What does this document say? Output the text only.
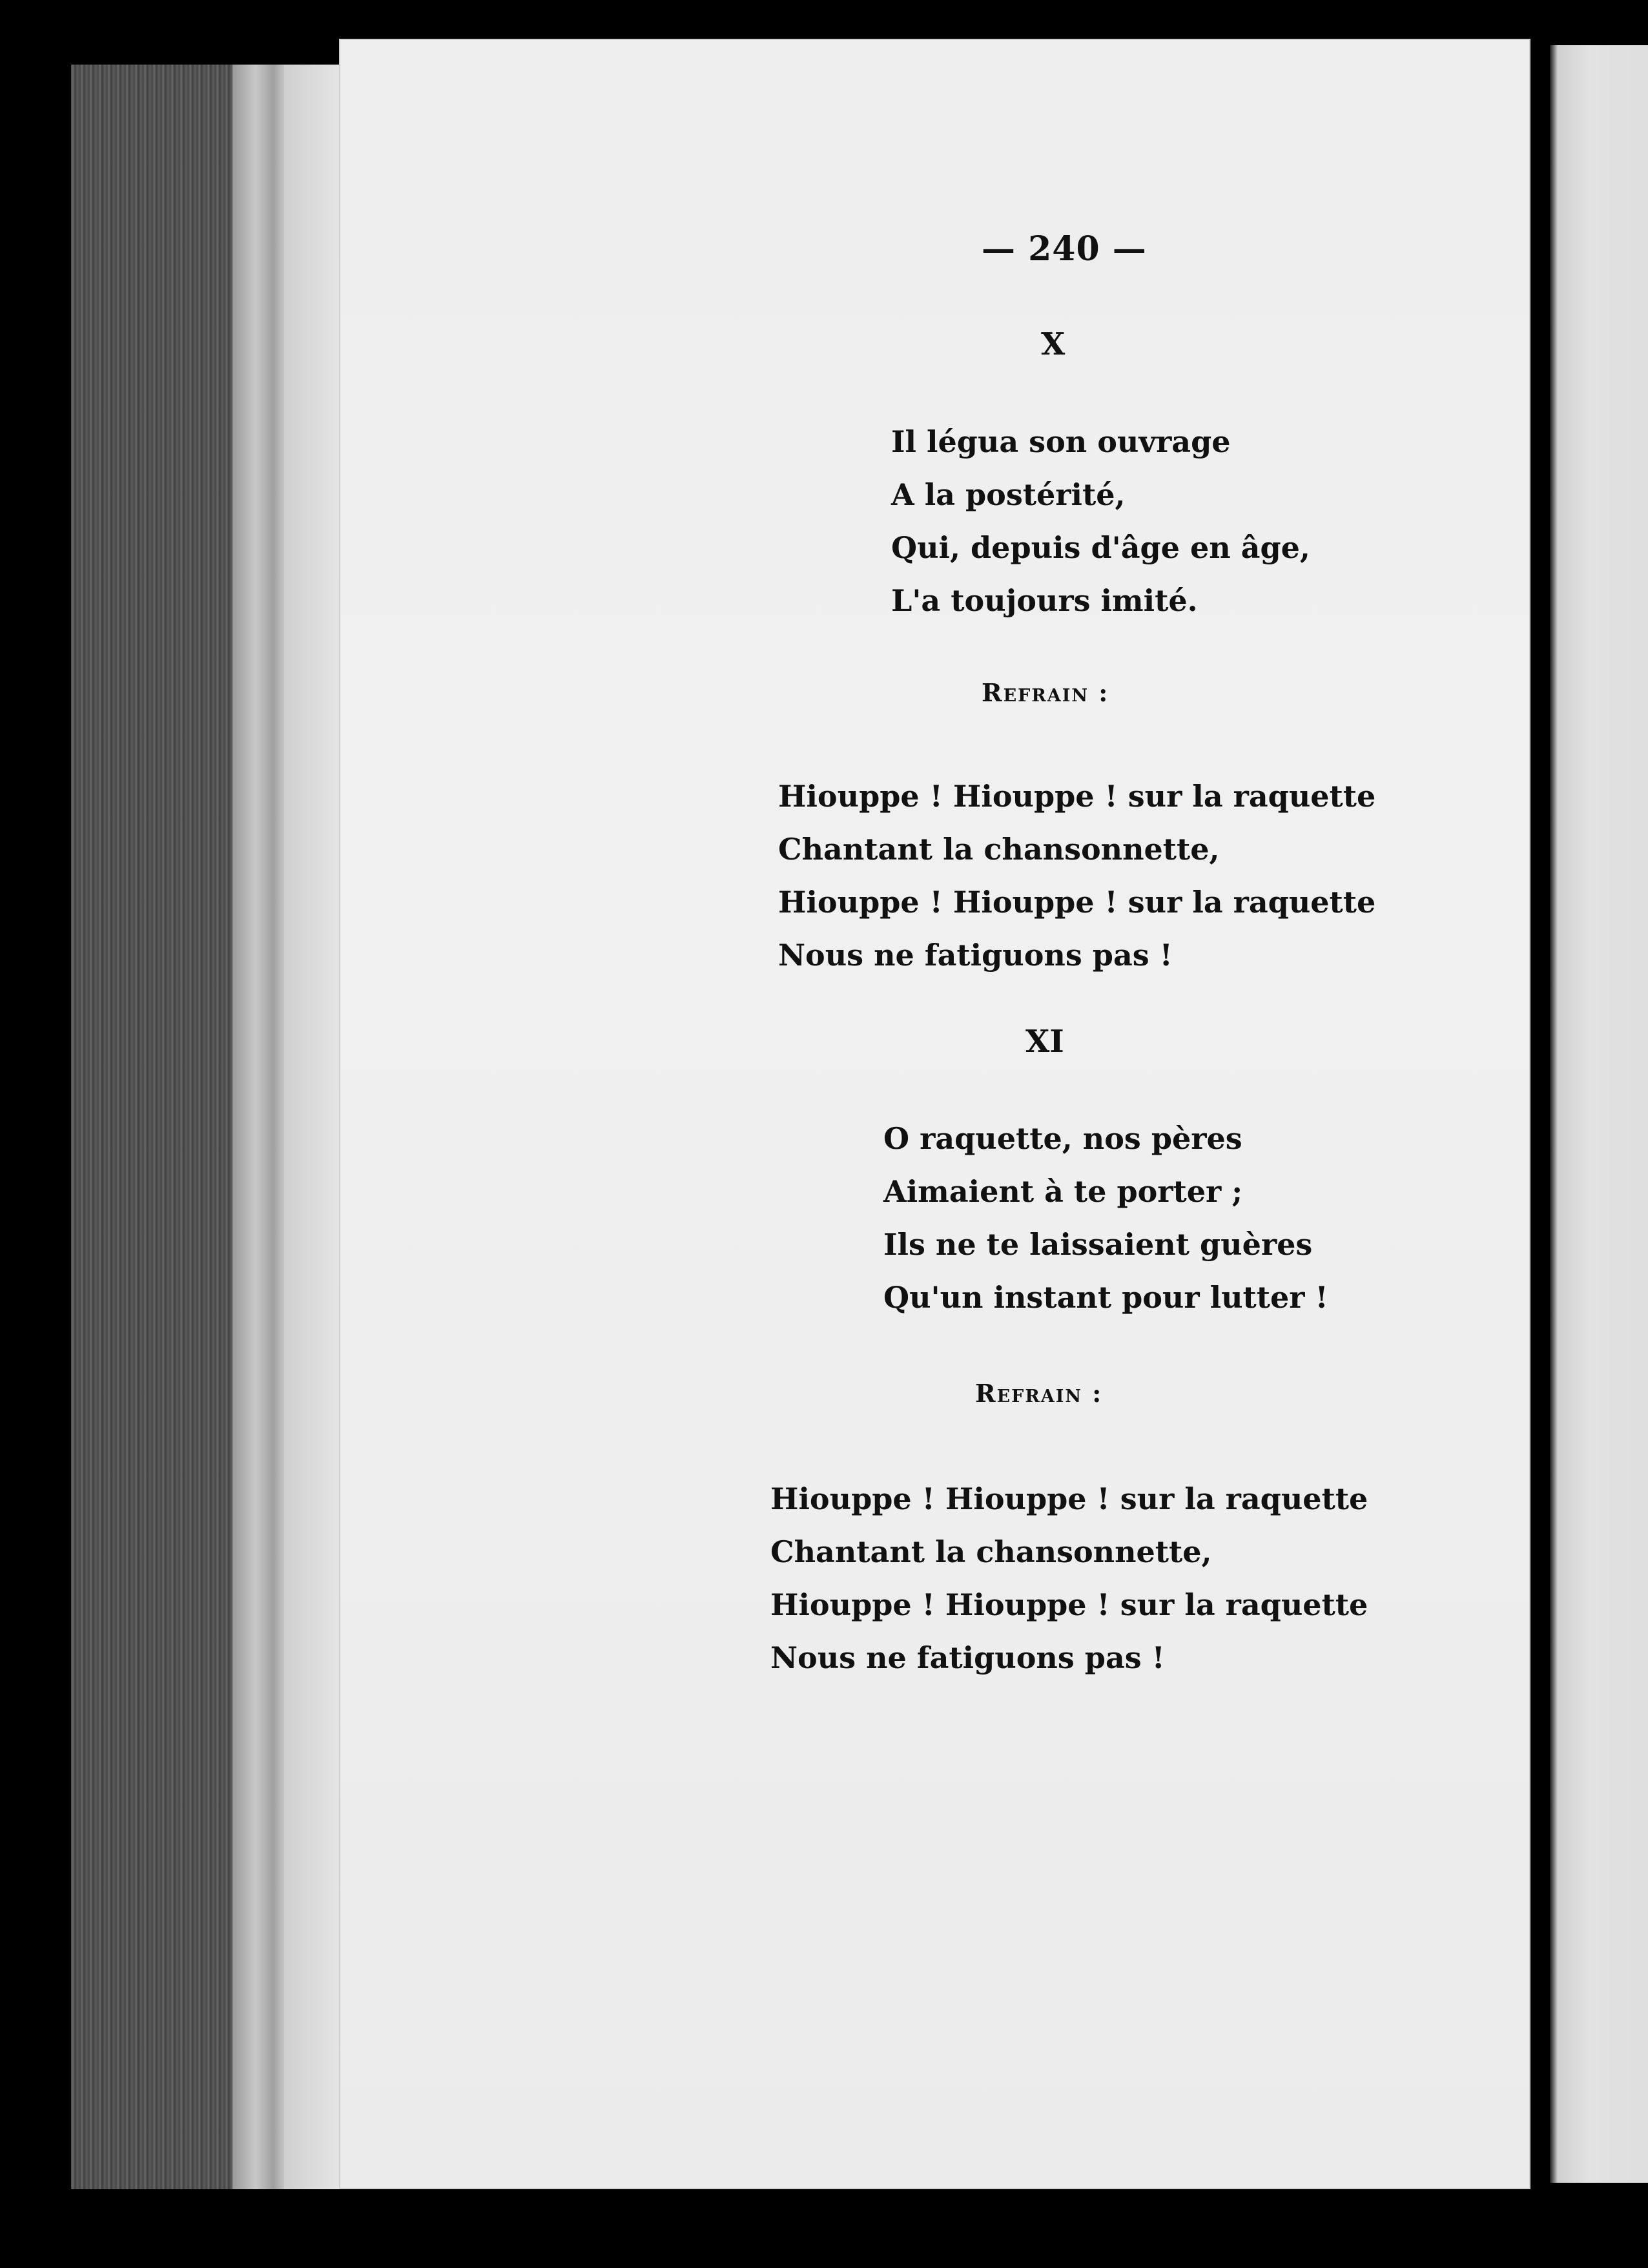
— 240 —
X
Il légua son ouvrage
A la postérité,
Qui, depuis d'âge en âge,
L'a toujours imité.
Refrain :
Hiouppe ! Hiouppe ! sur la raquette
Chantant la chansonnette,
Hiouppe ! Hiouppe ! sur la raquette
Nous ne fatiguons pas !
XI
O raquette, nos pères
Aimaient à te porter ;
Ils ne te laissaient guères
Qu'un instant pour lutter !
Refrain :
Hiouppe ! Hiouppe ! sur la raquette
Chantant la chansonnette,
Hiouppe ! Hiouppe ! sur la raquette
Nous ne fatiguons pas !
